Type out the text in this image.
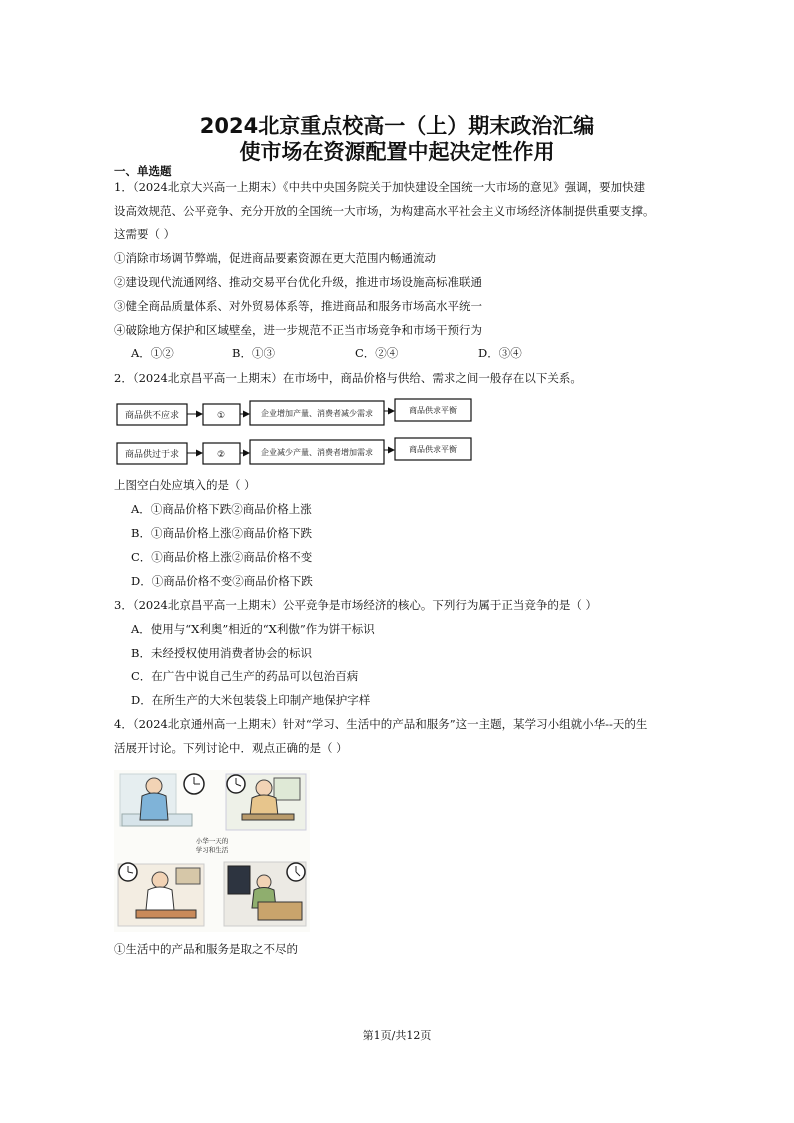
2024北京重点校高一（上）期末政治汇编
使市场在资源配置中起决定性作用
一、单选题
1．（2024北京大兴高一上期末）《中共中央国务院关于加快建设全国统一大市场的意见》强调，要加快建
设高效规范、公平竞争、充分开放的全国统一大市场，为构建高水平社会主义市场经济体制提供重要支撑。
这需要（ ）
①消除市场调节弊端，促进商品要素资源在更大范围内畅通流动
②建设现代流通网络、推动交易平台优化升级，推进市场设施高标准联通
③健全商品质量体系、对外贸易体系等，推进商品和服务市场高水平统一
④破除地方保护和区域壁垒，进一步规范不正当市场竞争和市场干预行为
A．①②	B．①③	C．②④	D．③④
2．（2024北京昌平高一上期末）在市场中，商品价格与供给、需求之间一般存在以下关系。
商品供不应求	①	企业增加产量、消费者减少需求	商品供求平衡
商品供过于求	②	企业减少产量、消费者增加需求	商品供求平衡
上图空白处应填入的是（ ）
A．①商品价格下跌②商品价格上涨
B．①商品价格上涨②商品价格下跌
C．①商品价格上涨②商品价格不变
D．①商品价格不变②商品价格下跌
3．（2024北京昌平高一上期末）公平竞争是市场经济的核心。下列行为属于正当竞争的是（ ）
A．使用与“X利奥”相近的“X利傲”作为饼干标识
B．未经授权使用消费者协会的标识
C．在广告中说自己生产的药品可以包治百病
D．在所生产的大米包装袋上印制产地保护字样
4．（2024北京通州高一上期末）针对“学习、生活中的产品和服务”这一主题，某学习小组就小华--天的生
活展开讨论。下列讨论中．观点正确的是（ ）
小华一天的
学习和生活
①生活中的产品和服务是取之不尽的
第1页/共12页
